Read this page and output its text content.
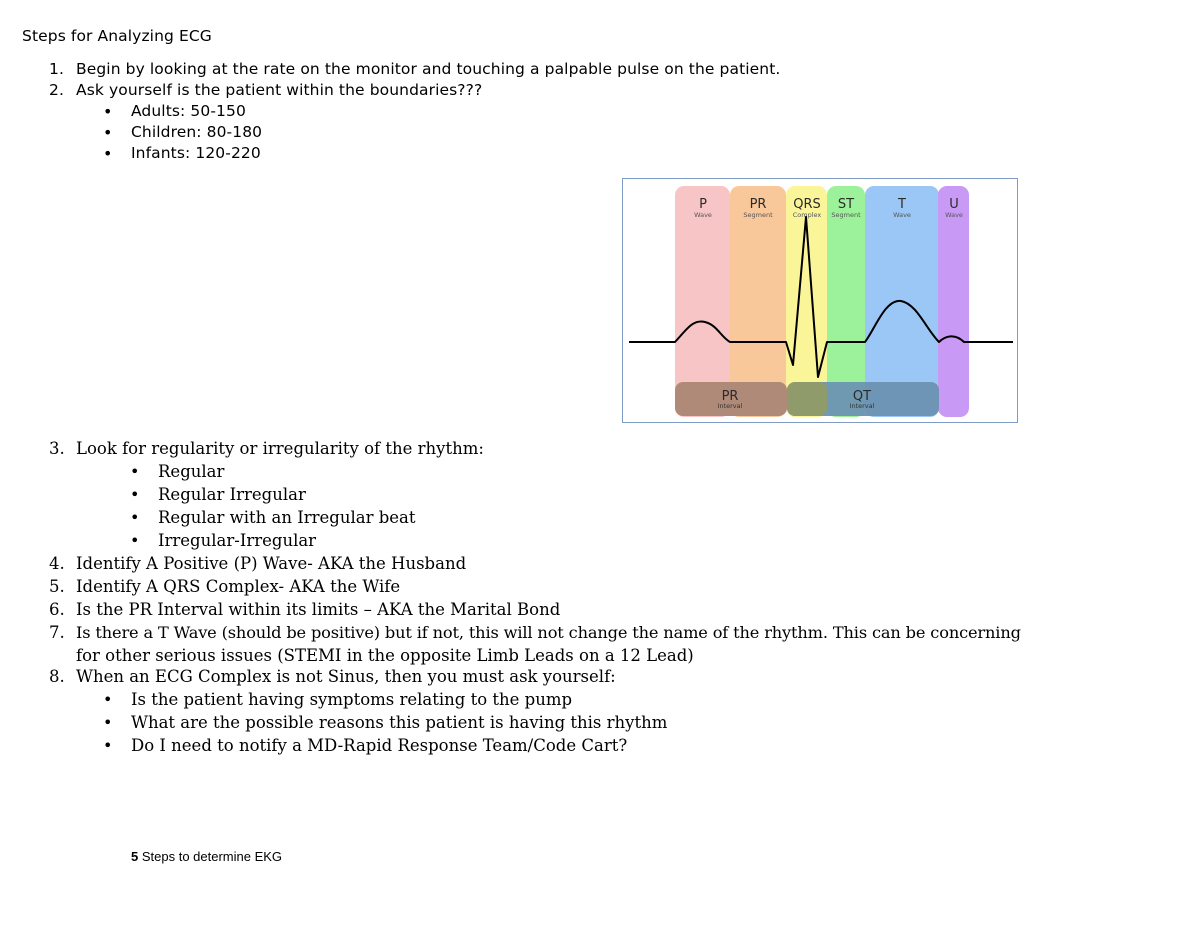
Steps for Analyzing ECG
1. Begin by looking at the rate on the monitor and touching a palpable pulse on the patient.
2. Ask yourself is the patient within the boundaries???
• Adults: 50-150
• Children: 80-180
• Infants: 120-220
P
Wave
PR
Segment
QRS
Complex
ST
Segment
T
Wave
U
Wave
PR
Interval
QT
Interval
3. Look for regularity or irregularity of the rhythm:
• Regular
• Regular Irregular
• Regular with an Irregular beat
• Irregular-Irregular
4. Identify A Positive (P) Wave- AKA the Husband
5. Identify A QRS Complex- AKA the Wife
6. Is the PR Interval within its limits – AKA the Marital Bond
7. Is there a T Wave (should be positive) but if not, this will not change the name of the rhythm. This can be concerning
for other serious issues (STEMI in the opposite Limb Leads on a 12 Lead)
8. When an ECG Complex is not Sinus, then you must ask yourself:
• Is the patient having symptoms relating to the pump
• What are the possible reasons this patient is having this rhythm
• Do I need to notify a MD-Rapid Response Team/Code Cart?
5 Steps to determine EKG
